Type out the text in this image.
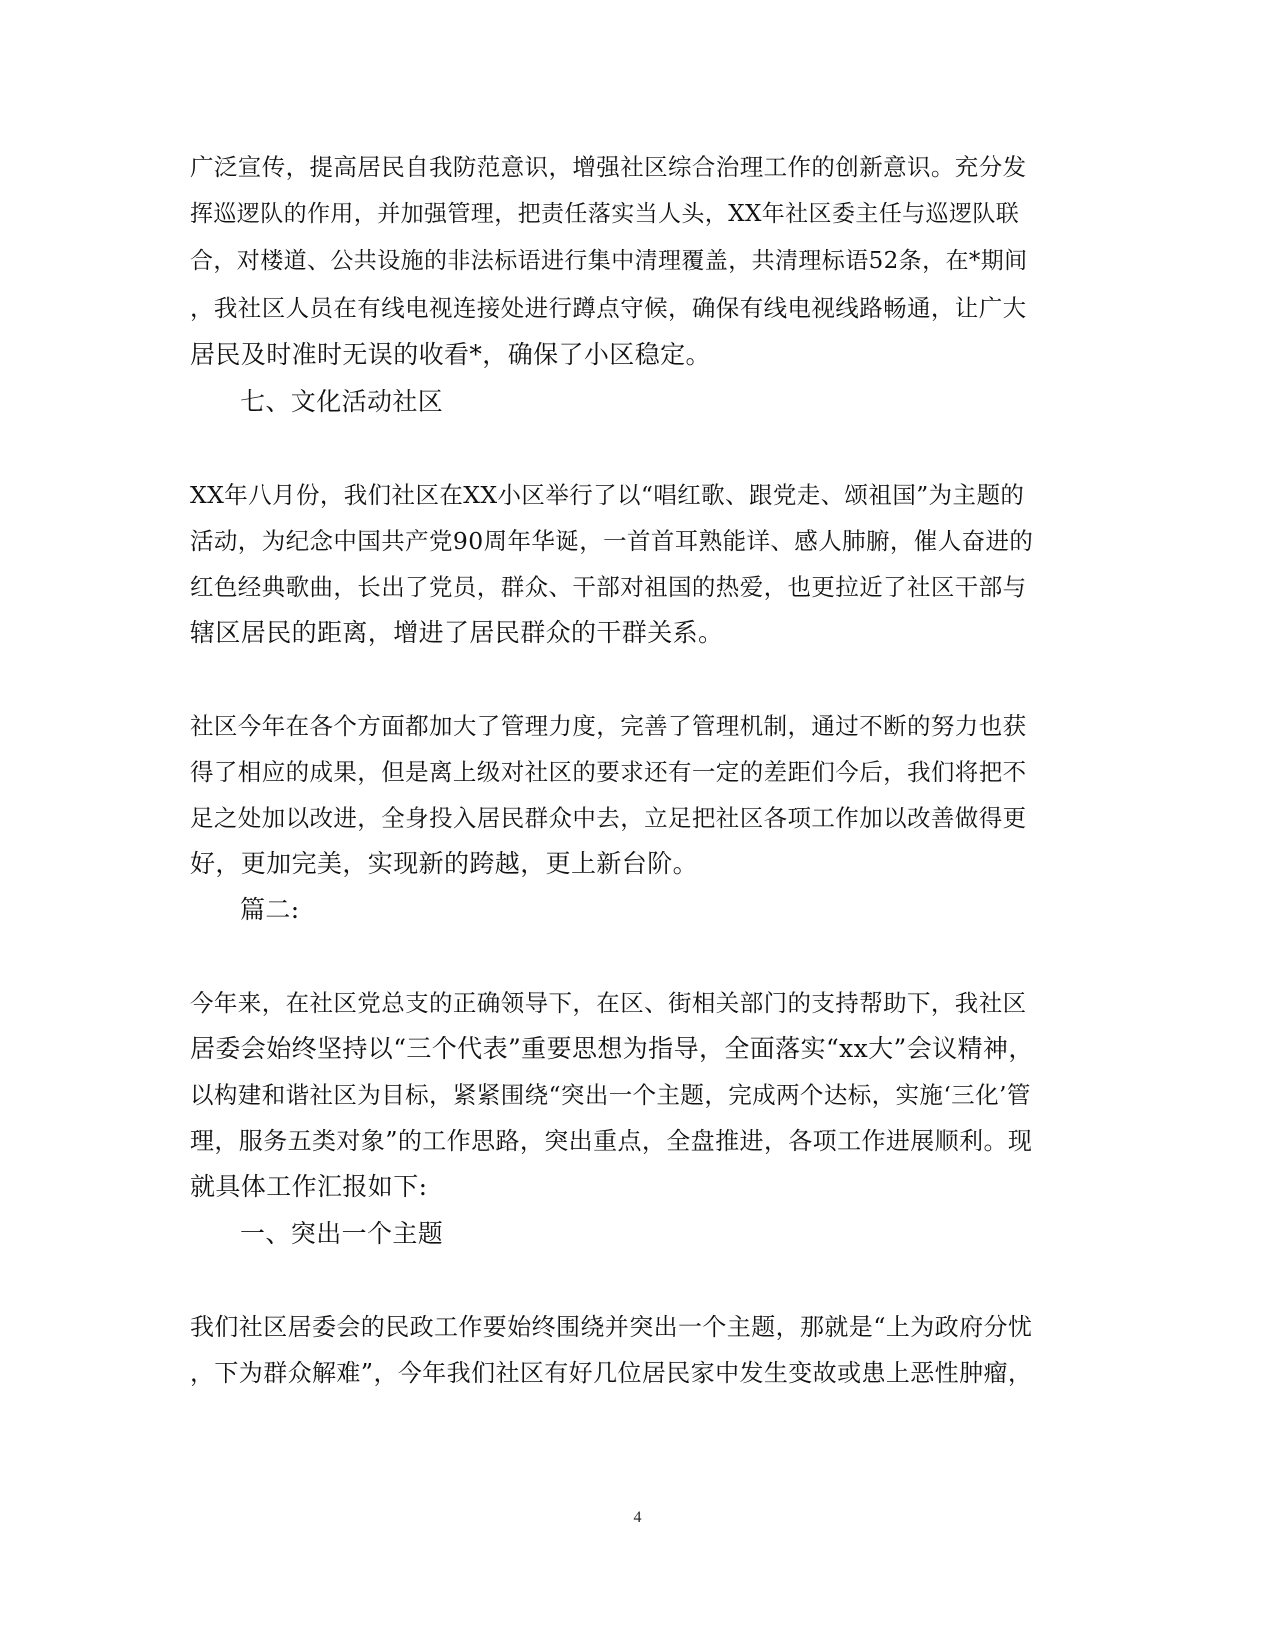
广泛宣传，提高居民自我防范意识，增强社区综合治理工作的创新意识。充分发

挥巡逻队的作用，并加强管理，把责任落实当人头，XX年社区委主任与巡逻队联

合，对楼道、公共设施的非法标语进行集中清理覆盖，共清理标语52条，在*期间

，我社区人员在有线电视连接处进行蹲点守候，确保有线电视线路畅通，让广大

居民及时准时无误的收看*，确保了小区稳定。

七、文化活动社区

XX年八月份，我们社区在XX小区举行了以“唱红歌、跟党走、颂祖国”为主题的

活动，为纪念中国共产党90周年华诞，一首首耳熟能详、感人肺腑，催人奋进的

红色经典歌曲，长出了党员，群众、干部对祖国的热爱，也更拉近了社区干部与

辖区居民的距离，增进了居民群众的干群关系。

社区今年在各个方面都加大了管理力度，完善了管理机制，通过不断的努力也获

得了相应的成果，但是离上级对社区的要求还有一定的差距们今后，我们将把不

足之处加以改进，全身投入居民群众中去，立足把社区各项工作加以改善做得更

好，更加完美，实现新的跨越，更上新台阶。

篇二:

今年来，在社区党总支的正确领导下，在区、街相关部门的支持帮助下，我社区

居委会始终坚持以“三个代表”重要思想为指导，全面落实“xx大”会议精神，

以构建和谐社区为目标，紧紧围绕“突出一个主题，完成两个达标，实施‘三化’管

理，服务五类对象”的工作思路，突出重点，全盘推进，各项工作进展顺利。现

就具体工作汇报如下:

一、突出一个主题

我们社区居委会的民政工作要始终围绕并突出一个主题，那就是“上为政府分忧

，下为群众解难”，今年我们社区有好几位居民家中发生变故或患上恶性肿瘤，

4
